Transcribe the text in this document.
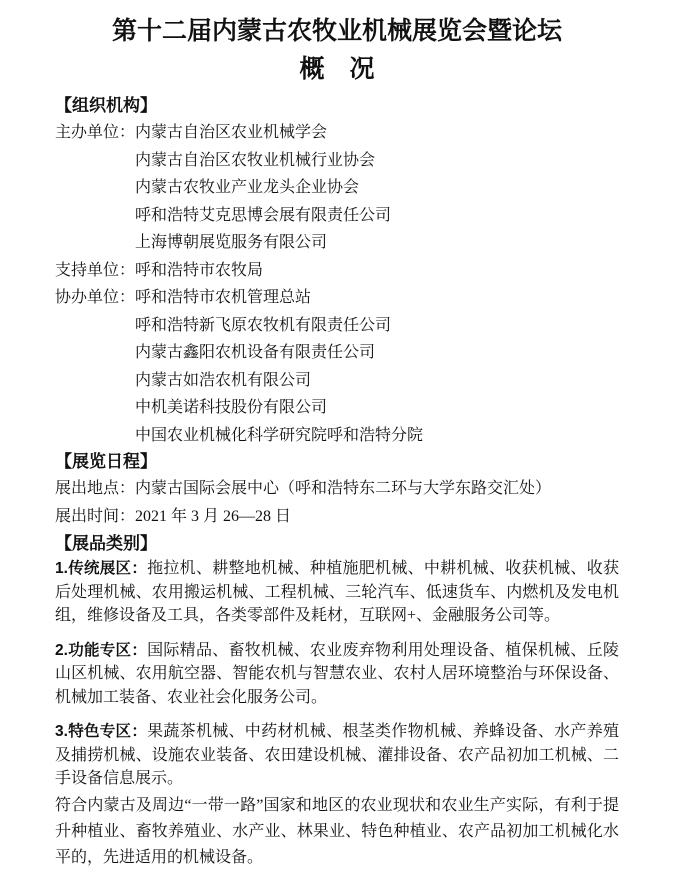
第十二届内蒙古农牧业机械展览会暨论坛
概　况
【组织机构】
主办单位： 内蒙古自治区农业机械学会
内蒙古自治区农牧业机械行业协会
内蒙古农牧业产业龙头企业协会
呼和浩特艾克思博会展有限责任公司
上海博朝展览服务有限公司
支持单位： 呼和浩特市农牧局
协办单位： 呼和浩特市农机管理总站
呼和浩特新飞原农牧机有限责任公司
内蒙古鑫阳农机设备有限责任公司
内蒙古如浩农机有限公司
中机美诺科技股份有限公司
中国农业机械化科学研究院呼和浩特分院
【展览日程】
展出地点： 内蒙古国际会展中心（呼和浩特东二环与大学东路交汇处）
展出时间： 2021 年 3 月 26—28 日
【展品类别】

1.传统展区：拖拉机、耕整地机械、种植施肥机械、中耕机械、收获机械、收获后处理机械、农用搬运机械、工程机械、三轮汽车、低速货车、内燃机及发电机组，维修设备及工具，各类零部件及耗材，互联网+、金融服务公司等。

2.功能专区：国际精品、畜牧机械、农业废弃物利用处理设备、植保机械、丘陵山区机械、农用航空器、智能农机与智慧农业、农村人居环境整治与环保设备、机械加工装备、农业社会化服务公司。

3.特色专区：果蔬茶机械、中药材机械、根茎类作物机械、养蜂设备、水产养殖及捕捞机械、设施农业装备、农田建设机械、灌排设备、农产品初加工机械、二手设备信息展示。

符合内蒙古及周边“一带一路”国家和地区的农业现状和农业生产实际，有利于提升种植业、畜牧养殖业、水产业、林果业、特色种植业、农产品初加工机械化水平的，先进适用的机械设备。
